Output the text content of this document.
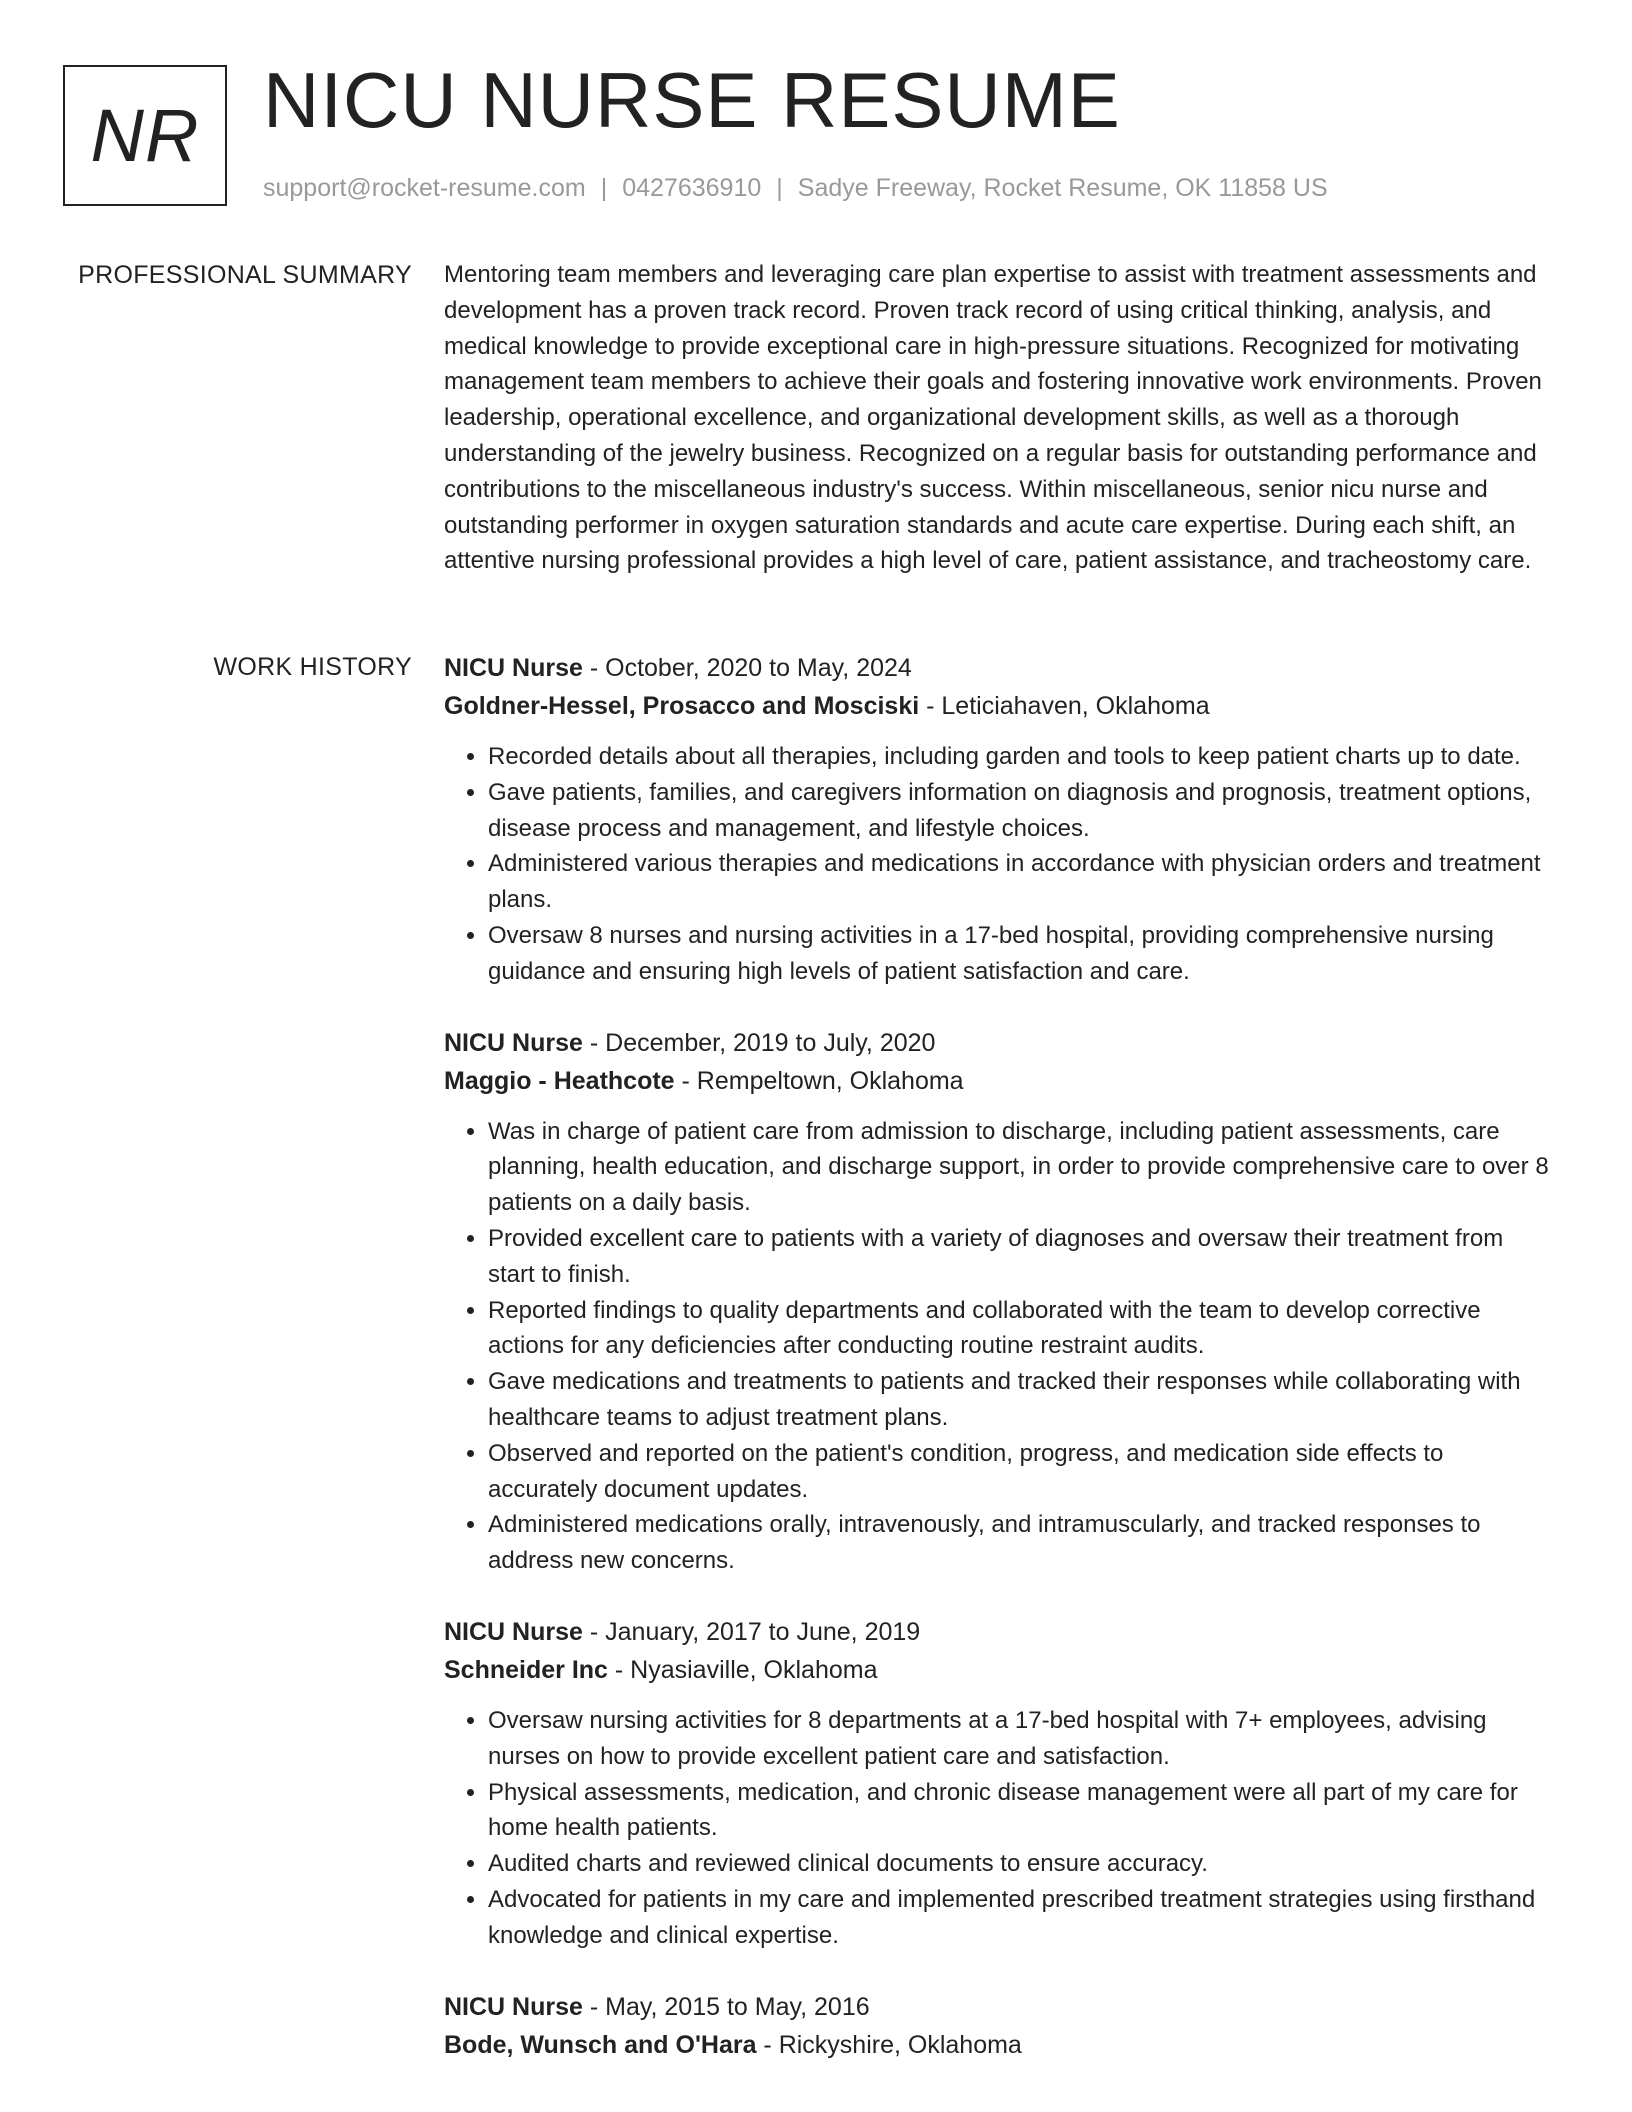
NR NICU NURSE RESUME
support@rocket-resume.com | 0427636910 | Sadye Freeway, Rocket Resume, OK 11858 US
PROFESSIONAL SUMMARY Mentoring team members and leveraging care plan expertise to assist with treatment assessments and development has a proven track record. Proven track record of using critical thinking, analysis, and medical knowledge to provide exceptional care in high-pressure situations. Recognized for motivating management team members to achieve their goals and fostering innovative work environments. Proven leadership, operational excellence, and organizational development skills, as well as a thorough understanding of the jewelry business. Recognized on a regular basis for outstanding performance and contributions to the miscellaneous industry's success. Within miscellaneous, senior nicu nurse and outstanding performer in oxygen saturation standards and acute care expertise. During each shift, an attentive nursing professional provides a high level of care, patient assistance, and tracheostomy care.

WORK HISTORY NICU Nurse - October, 2020 to May, 2024
Goldner-Hessel, Prosacco and Mosciski - Leticiahaven, Oklahoma
• Recorded details about all therapies, including garden and tools to keep patient charts up to date.
• Gave patients, families, and caregivers information on diagnosis and prognosis, treatment options, disease process and management, and lifestyle choices.
• Administered various therapies and medications in accordance with physician orders and treatment plans.
• Oversaw 8 nurses and nursing activities in a 17-bed hospital, providing comprehensive nursing guidance and ensuring high levels of patient satisfaction and care.
NICU Nurse - December, 2019 to July, 2020
Maggio - Heathcote - Rempeltown, Oklahoma
• Was in charge of patient care from admission to discharge, including patient assessments, care planning, health education, and discharge support, in order to provide comprehensive care to over 8 patients on a daily basis.
• Provided excellent care to patients with a variety of diagnoses and oversaw their treatment from start to finish.
• Reported findings to quality departments and collaborated with the team to develop corrective actions for any deficiencies after conducting routine restraint audits.
• Gave medications and treatments to patients and tracked their responses while collaborating with healthcare teams to adjust treatment plans.
• Observed and reported on the patient's condition, progress, and medication side effects to accurately document updates.
• Administered medications orally, intravenously, and intramuscularly, and tracked responses to address new concerns.
NICU Nurse - January, 2017 to June, 2019
Schneider Inc - Nyasiaville, Oklahoma
• Oversaw nursing activities for 8 departments at a 17-bed hospital with 7+ employees, advising nurses on how to provide excellent patient care and satisfaction.
• Physical assessments, medication, and chronic disease management were all part of my care for home health patients.
• Audited charts and reviewed clinical documents to ensure accuracy.
• Advocated for patients in my care and implemented prescribed treatment strategies using firsthand knowledge and clinical expertise.
NICU Nurse - May, 2015 to May, 2016
Bode, Wunsch and O'Hara - Rickyshire, Oklahoma
